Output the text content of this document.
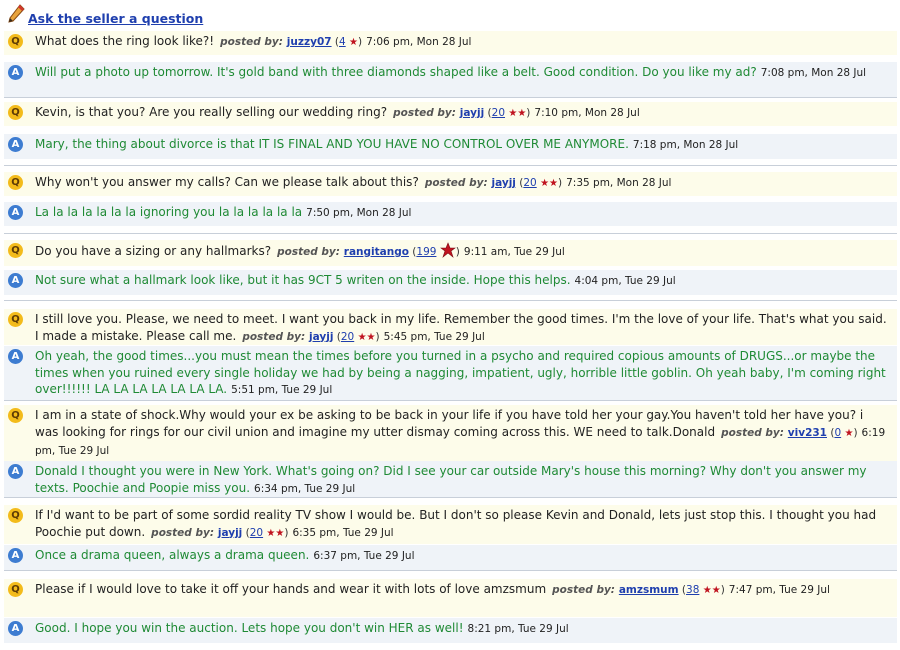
Ask the seller a question
Q What does the ring look like?! posted by: juzzy07 (4 ★) 7:06 pm, Mon 28 Jul
A	Will put a photo up tomorrow. It's gold band with three diamonds shaped like a belt. Good condition. Do you like my ad? 7:08 pm, Mon 28 Jul
Q Kevin, is that you? Are you really selling our wedding ring? posted by: jayjj (20 ★★) 7:10 pm, Mon 28 Jul
A	Mary, the thing about divorce is that IT IS FINAL AND YOU HAVE NO CONTROL OVER ME ANYMORE. 7:18 pm, Mon 28 Jul
Q Why won't you answer my calls? Can we please talk about this? posted by: jayjj (20 ★★) 7:35 pm, Mon 28 Jul
A	La la la la la la la ignoring you la la la la la la 7:50 pm, Mon 28 Jul
Q Do you have a sizing or any hallmarks? posted by: rangitango (199 ) 9:11 am, Tue 29 Jul
A	Not sure what a hallmark look like, but it has 9CT 5 writen on the inside. Hope this helps. 4:04 pm, Tue 29 Jul
Q I still love you. Please, we need to meet. I want you back in my life. Remember the good times. I'm the love of your life. That's what you said. I made a mistake. Please call me. posted by: jayjj (20 ★★) 5:45 pm, Tue 29 Jul
A	Oh yeah, the good times...you must mean the times before you turned in a psycho and required copious amounts of DRUGS...or maybe the times when you ruined every single holiday we had by being a nagging, impatient, ugly, horrible little goblin. Oh yeah baby, I'm coming right over!!!!!! LA LA LA LA LA LA LA. 5:51 pm, Tue 29 Jul
Q I am in a state of shock.Why would your ex be asking to be back in your life if you have told her your gay.You haven't told her have you? i was looking for rings for our civil union and imagine my utter dismay coming across this. WE need to talk.Donald posted by: viv231 (0 ★) 6:19 pm, Tue 29 Jul
A	Donald I thought you were in New York. What's going on? Did I see your car outside Mary's house this morning? Why don't you answer my texts. Poochie and Poopie miss you. 6:34 pm, Tue 29 Jul
Q If I'd want to be part of some sordid reality TV show I would be. But I don't so please Kevin and Donald, lets just stop this. I thought you had Poochie put down. posted by: jayjj (20 ★★) 6:35 pm, Tue 29 Jul
A	Once a drama queen, always a drama queen. 6:37 pm, Tue 29 Jul
Q Please if I would love to take it off your hands and wear it with lots of love amzsmum posted by: amzsmum (38 ★★) 7:47 pm, Tue 29 Jul
A	Good. I hope you win the auction. Lets hope you don't win HER as well! 8:21 pm, Tue 29 Jul
